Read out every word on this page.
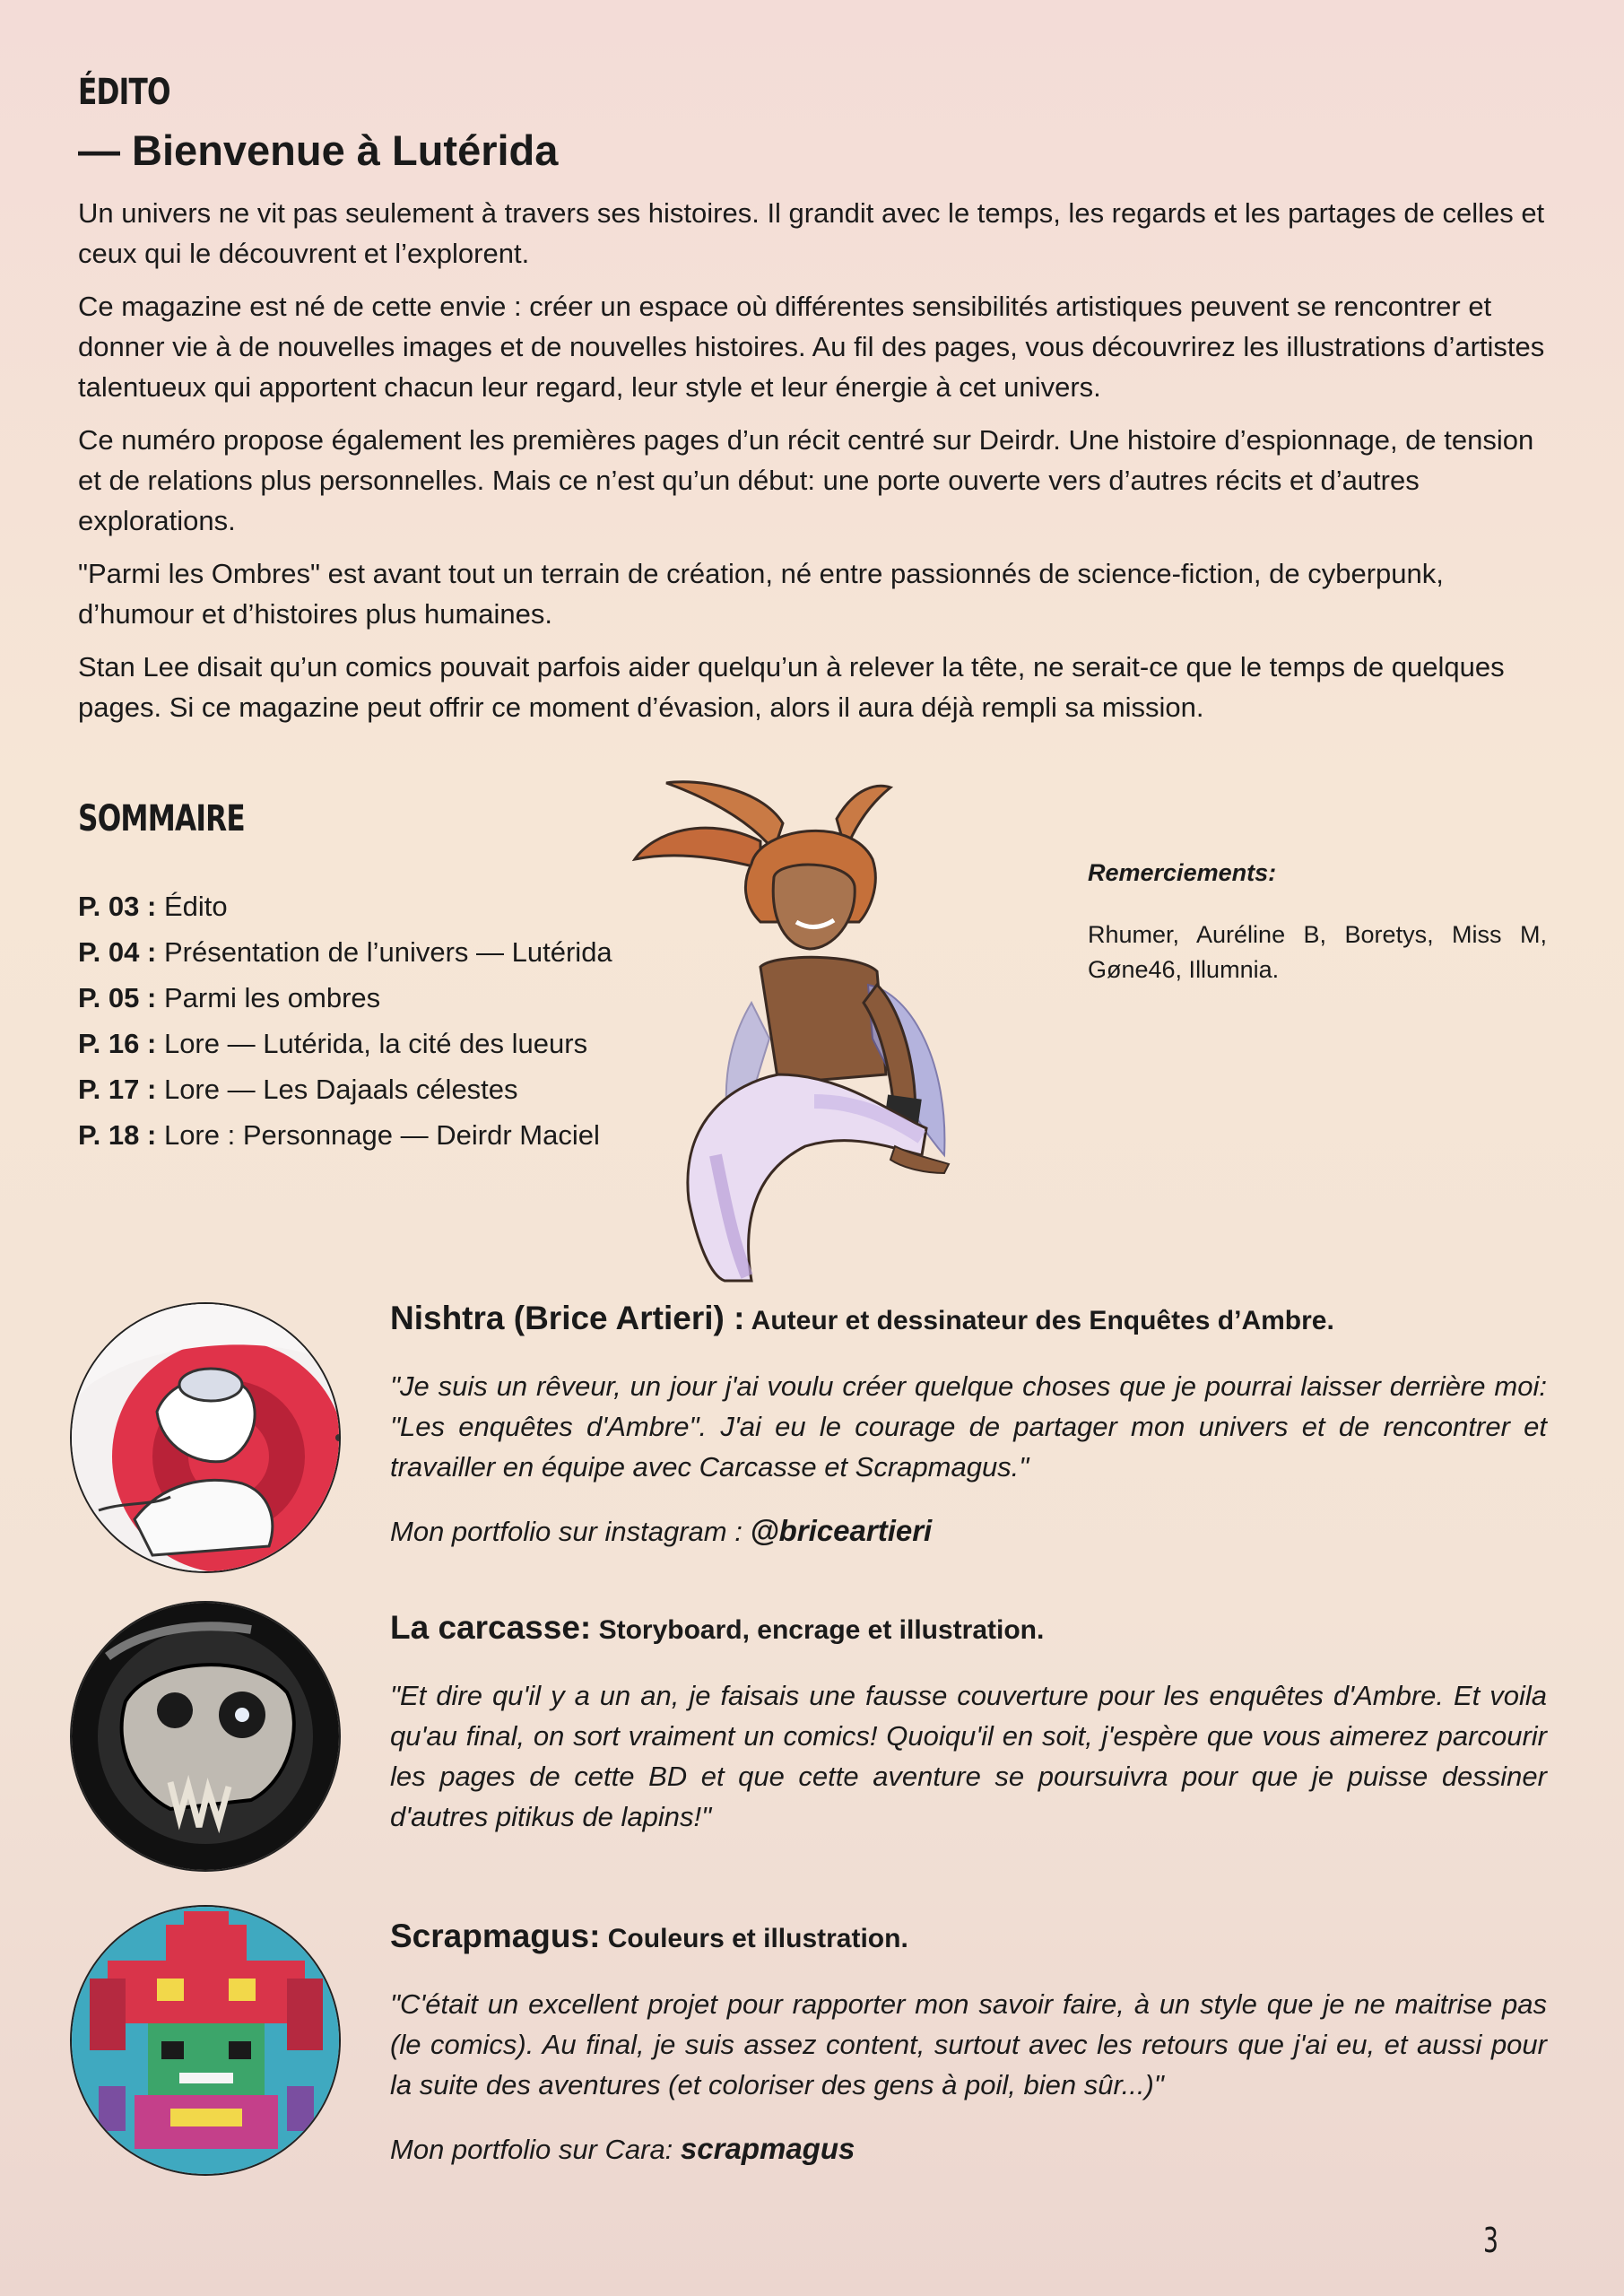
ÉDITO
— Bienvenue à Lutérida

Un univers ne vit pas seulement à travers ses histoires. Il grandit avec le temps, les regards et les partages de celles et ceux qui le découvrent et l’explorent.

Ce magazine est né de cette envie : créer un espace où différentes sensibilités artistiques peuvent se rencontrer et donner vie à de nouvelles images et de nouvelles histoires. Au fil des pages, vous découvrirez les illustrations d’artistes talentueux qui apportent chacun leur regard, leur style et leur énergie à cet univers.

Ce numéro propose également les premières pages d’un récit centré sur Deirdr. Une histoire d’espionnage, de tension et de relations plus personnelles. Mais ce n’est qu’un début: une porte ouverte vers d’autres récits et d’autres explorations.

"Parmi les Ombres" est avant tout un terrain de création, né entre passionnés de science-fiction, de cyberpunk, d’humour et d’histoires plus humaines.

Stan Lee disait qu’un comics pouvait parfois aider quelqu’un à relever la tête, ne serait-ce que le temps de quelques pages. Si ce magazine peut offrir ce moment d’évasion, alors il aura déjà rempli sa mission.

SOMMAIRE
P. 03 : Édito
P. 04 : Présentation de l’univers — Lutérida
P. 05 : Parmi les ombres
P. 16 : Lore — Lutérida, la cité des lueurs
P. 17 : Lore — Les Dajaals célestes
P. 18 : Lore : Personnage — Deirdr Maciel

Remerciements:

Rhumer, Auréline B, Boretys, Miss M, Gøne46, Illumnia.

Nishtra (Brice Artieri) : Auteur et dessinateur des Enquêtes d’Ambre.

"Je suis un rêveur, un jour j'ai voulu créer quelque choses que je pourrai laisser derrière moi: "Les enquêtes d'Ambre". J'ai eu le courage de partager mon univers et de rencontrer et travailler en équipe avec Carcasse et Scrapmagus."

Mon portfolio sur instagram : @briceartieri

La carcasse: Storyboard, encrage et illustration.

"Et dire qu'il y a un an, je faisais une fausse couverture pour les enquêtes d'Ambre. Et voila qu'au final, on sort vraiment un comics! Quoiqu'il en soit, j'espère que vous aimerez parcourir les pages de cette BD et que cette aventure se poursuivra pour que je puisse dessiner d'autres pitikus de lapins!"

Scrapmagus: Couleurs et illustration.

"C'était un excellent projet pour rapporter mon savoir faire, à un style que je ne maitrise pas (le comics). Au final, je suis assez content, surtout avec les retours que j'ai eu, et aussi pour la suite des aventures (et coloriser des gens à poil, bien sûr...)"

Mon portfolio sur Cara: scrapmagus

3
